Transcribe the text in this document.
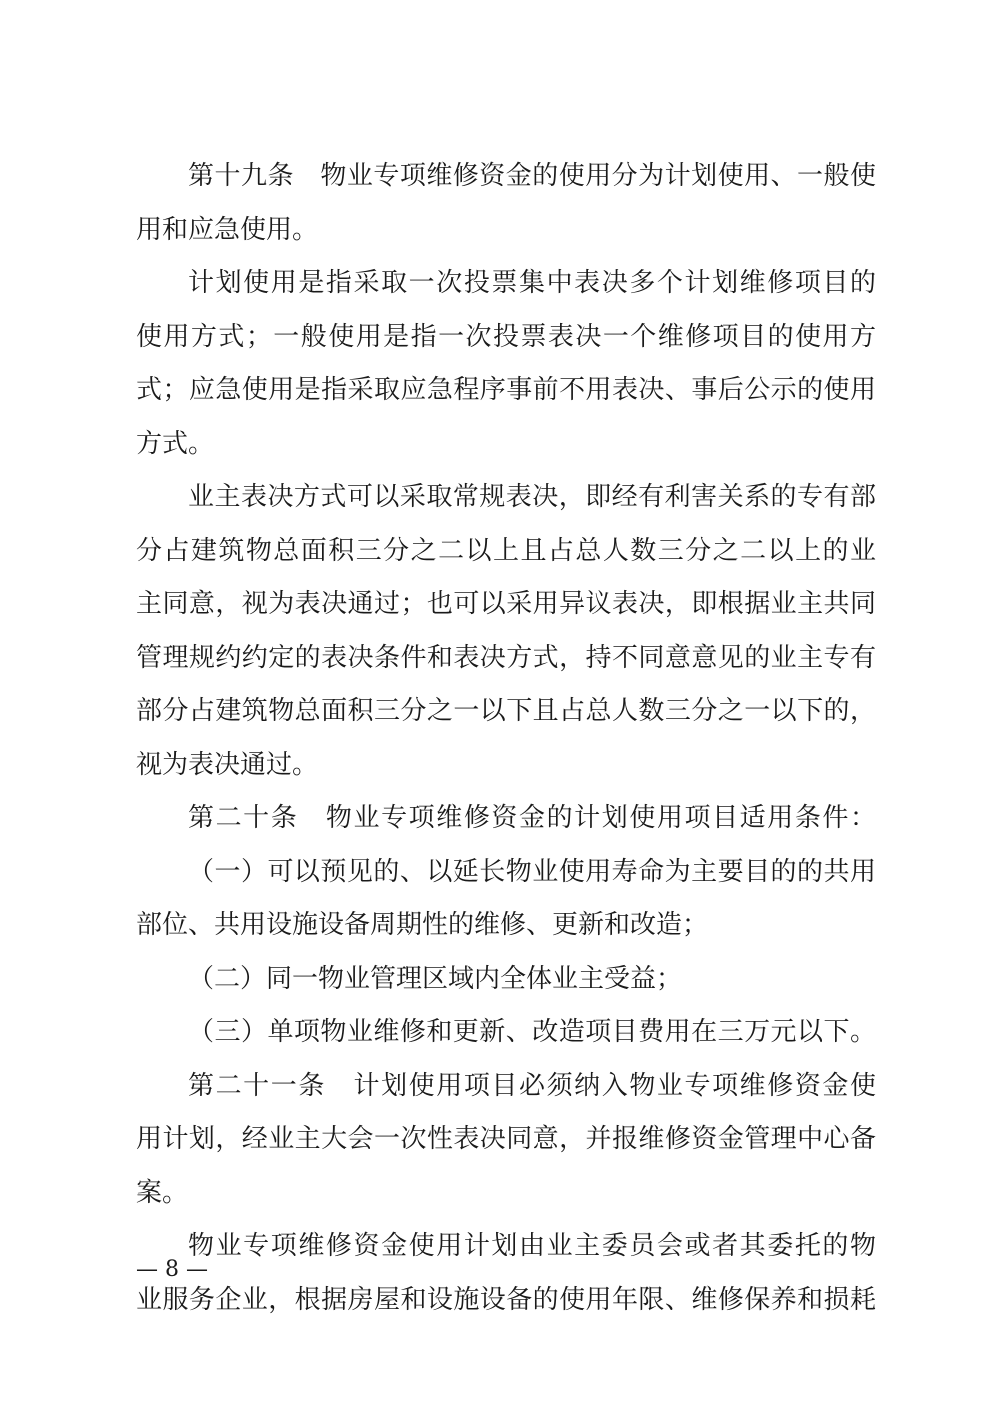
第十九条　物业专项维修资金的使用分为计划使用、一般使
用和应急使用。
计划使用是指采取一次投票集中表决多个计划维修项目的
使用方式；一般使用是指一次投票表决一个维修项目的使用方
式；应急使用是指采取应急程序事前不用表决、事后公示的使用
方式。
业主表决方式可以采取常规表决，即经有利害关系的专有部
分占建筑物总面积三分之二以上且占总人数三分之二以上的业
主同意，视为表决通过；也可以采用异议表决，即根据业主共同
管理规约约定的表决条件和表决方式，持不同意意见的业主专有
部分占建筑物总面积三分之一以下且占总人数三分之一以下的，
视为表决通过。
第二十条　物业专项维修资金的计划使用项目适用条件：
（一）可以预见的、以延长物业使用寿命为主要目的的共用
部位、共用设施设备周期性的维修、更新和改造；
（二）同一物业管理区域内全体业主受益；
（三）单项物业维修和更新、改造项目费用在三万元以下。
第二十一条　计划使用项目必须纳入物业专项维修资金使
用计划，经业主大会一次性表决同意，并报维修资金管理中心备
案。
物业专项维修资金使用计划由业主委员会或者其委托的物
业服务企业，根据房屋和设施设备的使用年限、维修保养和损耗
— 8 —
